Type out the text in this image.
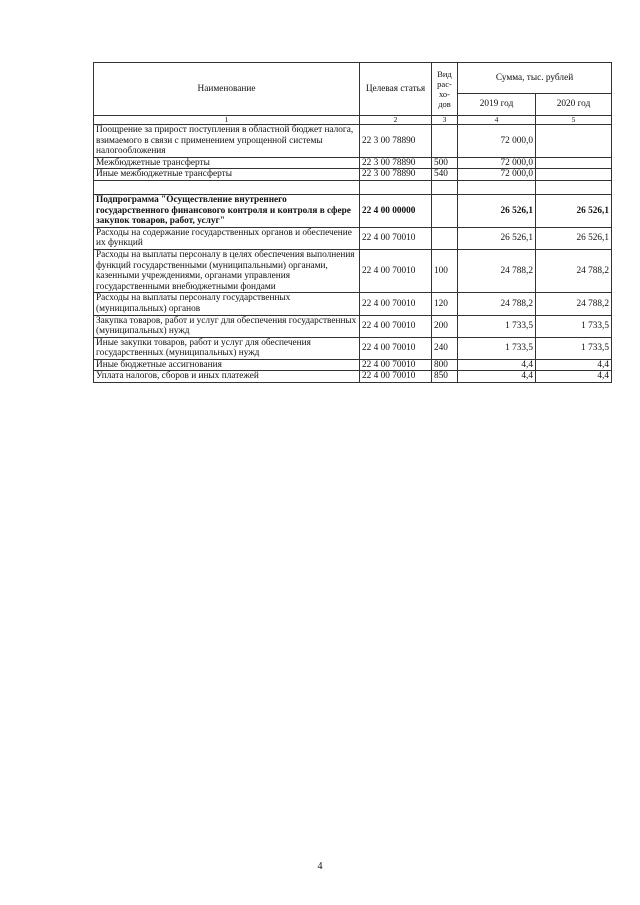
Наименование	Целевая статья	Вид рас-хо-дов	Сумма, тыс. рублей	
			2019 год	2020 год
1	2	3	4	5
Поощрение за прирост поступления в областной бюджет налога, взимаемого в связи с применением упрощенной системы налогообложения	22 3 00 78890		72 000,0	
Межбюджетные трансферты	22 3 00 78890	500	72 000,0	
Иные межбюджетные трансферты	22 3 00 78890	540	72 000,0	

Подпрограмма "Осуществление внутреннего государственного финансового контроля и контроля в сфере закупок товаров, работ, услуг"	22 4 00 00000		26 526,1	26 526,1
Расходы на содержание государственных органов и обеспечение их функций	22 4 00 70010		26 526,1	26 526,1
Расходы на выплаты персоналу в целях обеспечения выполнения функций государственными (муниципальными) органами, казенными учреждениями, органами управления государственными внебюджетными фондами	22 4 00 70010	100	24 788,2	24 788,2
Расходы на выплаты персоналу государственных (муниципальных) органов	22 4 00 70010	120	24 788,2	24 788,2
Закупка товаров, работ и услуг для обеспечения государственных (муниципальных) нужд	22 4 00 70010	200	1 733,5	1 733,5
Иные закупки товаров, работ и услуг для обеспечения государственных (муниципальных) нужд	22 4 00 70010	240	1 733,5	1 733,5
Иные бюджетные ассигнования	22 4 00 70010	800	4,4	4,4
Уплата налогов, сборов и иных платежей	22 4 00 70010	850	4,4	4,4
4
